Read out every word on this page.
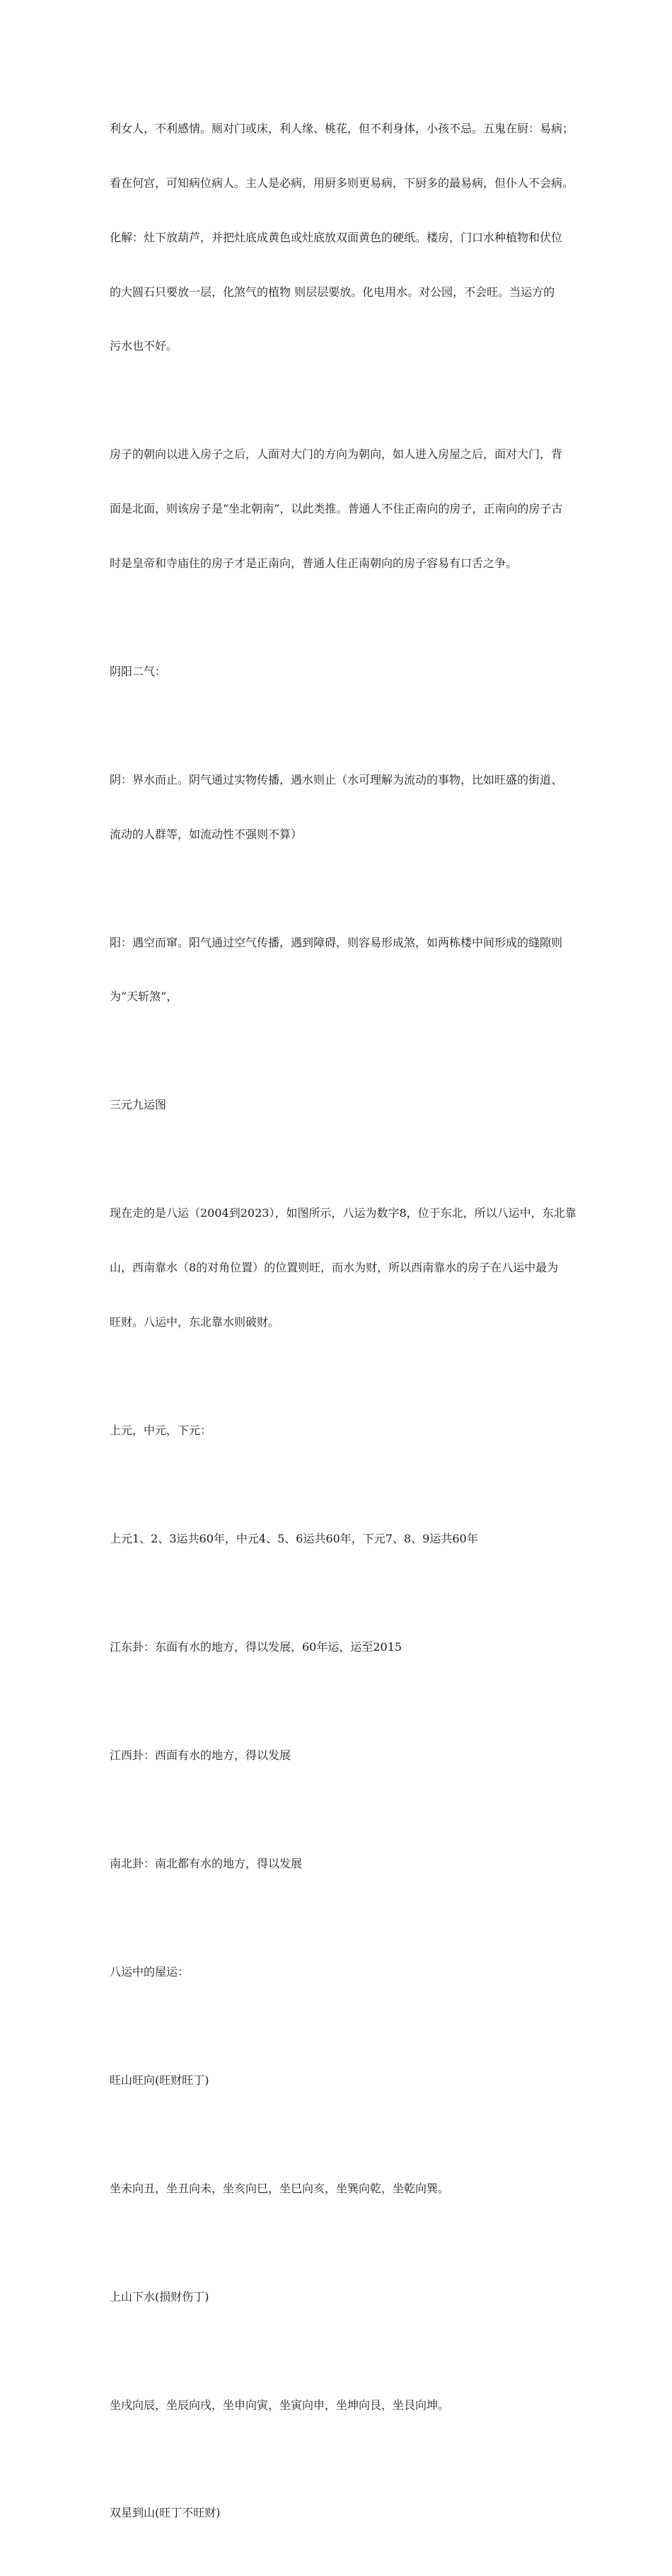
利女人，不利感情。厕对门或床，利人缘、桃花，但不利身体，小孩不忌。五鬼在厨：易病；

看在何宫，可知病位病人。主人是必病，用厨多则更易病，下厨多的最易病，但仆人不会病。

化解：灶下放葫芦，并把灶底成黄色或灶底放双面黄色的硬纸。楼房，门口水种植物和伏位

的大圆石只要放一层，化煞气的植物 则层层要放。化电用水。对公园，不会旺。当运方的

污水也不好。

房子的朝向以进入房子之后，人面对大门的方向为朝向，如人进入房屋之后，面对大门，背

面是北面，则该房子是“坐北朝南”，以此类推。普通人不住正南向的房子，正南向的房子古

时是皇帝和寺庙住的房子才是正南向，普通人住正南朝向的房子容易有口舌之争。

阴阳二气：

阴：界水而止。阴气通过实物传播，遇水则止（水可理解为流动的事物，比如旺盛的街道、

流动的人群等，如流动性不强则不算）

阳：遇空而窜。阳气通过空气传播，遇到障碍，则容易形成煞，如两栋楼中间形成的缝隙则

为“天斩煞”，

三元九运图

现在走的是八运（2004到2023），如图所示，八运为数字8，位于东北，所以八运中，东北靠

山，西南靠水（8的对角位置）的位置则旺，而水为财，所以西南靠水的房子在八运中最为

旺财。八运中，东北靠水则破财。

上元，中元，下元：

上元1、2、3运共60年，中元4、5、6运共60年，下元7、8、9运共60年

江东卦：东面有水的地方，得以发展，60年运，运至2015

江西卦：西面有水的地方，得以发展

南北卦：南北都有水的地方，得以发展

八运中的屋运：

旺山旺向(旺财旺丁)

坐未向丑，坐丑向未，坐亥向巳，坐巳向亥，坐巽向乾，坐乾向巽。

上山下水(损财伤丁)

坐戌向辰，坐辰向戌，坐申向寅，坐寅向申，坐坤向艮，坐艮向坤。

双星到山(旺丁不旺财)
